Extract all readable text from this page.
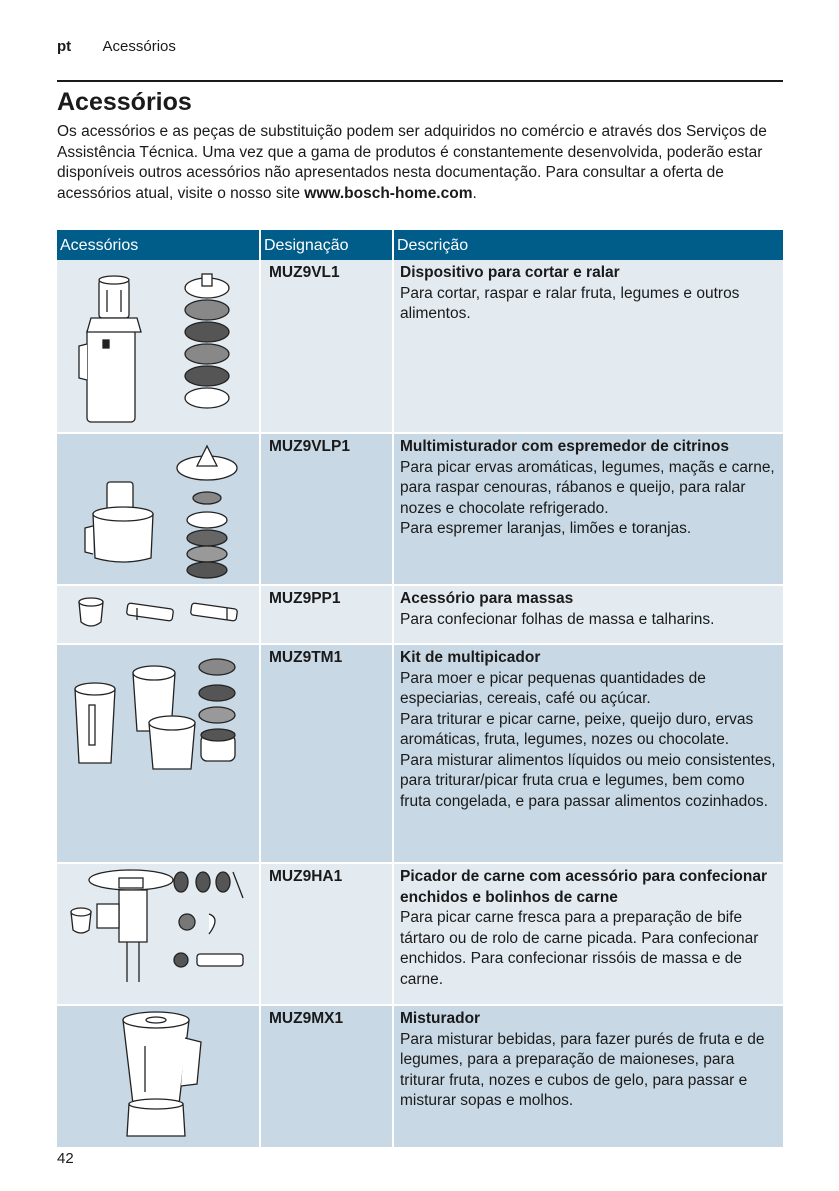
pt Acessórios
Acessórios

Os acessórios e as peças de substituição podem ser adquiridos no comércio e através dos Serviços de Assistência Técnica. Uma vez que a gama de produtos é constantemente desenvolvida, poderão estar disponíveis outros acessórios não apresentados nesta documentação. Para consultar a oferta de acessórios atual, visite o nosso site www.bosch-home.com.

Acessórios	Designação	Descrição

	MUZ9VL1	Dispositivo para cortar e ralar
Para cortar, raspar e ralar fruta, legumes e outros alimentos.

	MUZ9VLP1	Multimisturador com espremedor de citrinos
Para picar ervas aromáticas, legumes, maçãs e carne, para raspar cenouras, rábanos e queijo, para ralar nozes e chocolate refrigerado.
Para espremer laranjas, limões e toranjas.

	MUZ9PP1	Acessório para massas
Para confecionar folhas de massa e talharins.

	MUZ9TM1	Kit de multipicador
Para moer e picar pequenas quantidades de especiarias, cereais, café ou açúcar.
Para triturar e picar carne, peixe, queijo duro, ervas aromáticas, fruta, legumes, nozes ou chocolate.
Para misturar alimentos líquidos ou meio consistentes, para triturar/picar fruta crua e legumes, bem como fruta congelada, e para passar alimentos cozinhados.

	MUZ9HA1	Picador de carne com acessório para confecionar enchidos e bolinhos de carne
Para picar carne fresca para a preparação de bife tártaro ou de rolo de carne picada. Para confecionar enchidos. Para confecionar rissóis de massa e de carne.

	MUZ9MX1	Misturador
Para misturar bebidas, para fazer purés de fruta e de legumes, para a preparação de maioneses, para triturar fruta, nozes e cubos de gelo, para passar e misturar sopas e molhos.
42
